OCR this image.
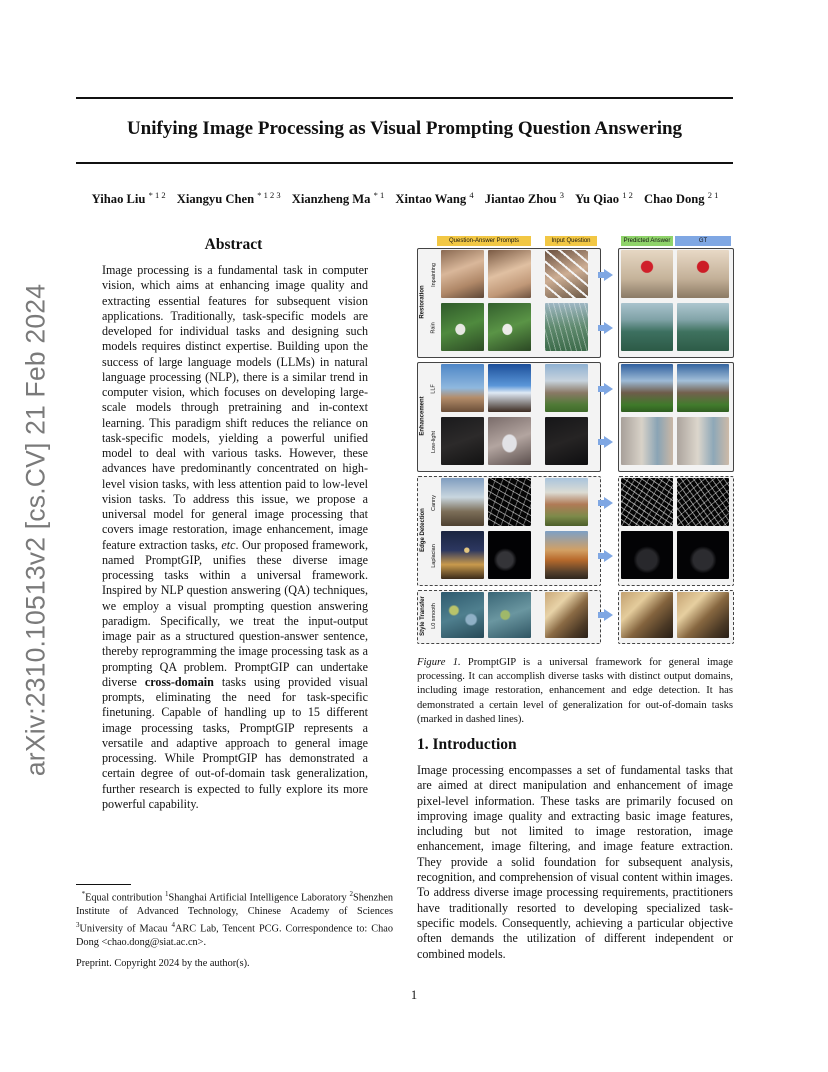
arXiv:2310.10513v2 [cs.CV] 21 Feb 2024
Unifying Image Processing as Visual Prompting Question Answering
Yihao Liu $^{* 1 2}$ Xiangyu Chen $^{* 1 2 3}$ Xianzheng Ma $^{* 1}$ Xintao Wang $^4$ Jiantao Zhou $^3$ Yu Qiao $^{1 2}$ Chao Dong $^{2 1}$
Abstract

Image processing is a fundamental task in computer vision, which aims at enhancing image quality and extracting essential features for subsequent vision applications. Traditionally, task-specific models are developed for individual tasks and designing such models requires distinct expertise. Building upon the success of large language models (LLMs) in natural language processing (NLP), there is a similar trend in computer vision, which focuses on developing large-scale models through pretraining and in-context learning. This paradigm shift reduces the reliance on task-specific models, yielding a powerful unified model to deal with various tasks. However, these advances have predominantly concentrated on high-level vision tasks, with less attention paid to low-level vision tasks. To address this issue, we propose a universal model for general image processing that covers image restoration, image enhancement, image feature extraction tasks, etc. Our proposed framework, named PromptGIP, unifies these diverse image processing tasks within a universal framework. Inspired by NLP question answering (QA) techniques, we employ a visual prompting question answering paradigm. Specifically, we treat the input-output image pair as a structured question-answer sentence, thereby reprogramming the image processing task as a prompting QA problem. PromptGIP can undertake diverse cross-domain tasks using provided visual prompts, eliminating the need for task-specific finetuning. Capable of handling up to 15 different image processing tasks, PromptGIP represents a versatile and adaptive approach to general image processing. While PromptGIP has demonstrated a certain degree of out-of-domain task generalization, further research is expected to fully explore its more powerful capability.

*Equal contribution $^1$Shanghai Artificial Intelligence Laboratory $^2$Shenzhen Institute of Advanced Technology, Chinese Academy of Sciences $^3$University of Macau $^4$ARC Lab, Tencent PCG. Correspondence to: Chao Dong <chao.dong@siat.ac.cn>.
Preprint. Copyright 2024 by the author(s).
Question-Answer Prompts	Input Question	Predicted Answer	GT
Restoration
Inpainting
Rain
Enhancement
LLF
Low-light
Edge Detection
Canny
Laplacian
Style Transfer L0 smooth
Figure 1. PromptGIP is a universal framework for general image processing. It can accomplish diverse tasks with distinct output domains, including image restoration, enhancement and edge detection. It has demonstrated a certain level of generalization for out-of-domain tasks (marked in dashed lines).
1. Introduction

Image processing encompasses a set of fundamental tasks that are aimed at direct manipulation and enhancement of image pixel-level information. These tasks are primarily focused on improving image quality and extracting basic image features, including but not limited to image restoration, image enhancement, image filtering, and image feature extraction. They provide a solid foundation for subsequent analysis, recognition, and comprehension of visual content within images. To address diverse image processing requirements, practitioners have traditionally resorted to developing specialized task-specific models. Consequently, achieving a particular objective often demands the utilization of different independent or combined models.

1
